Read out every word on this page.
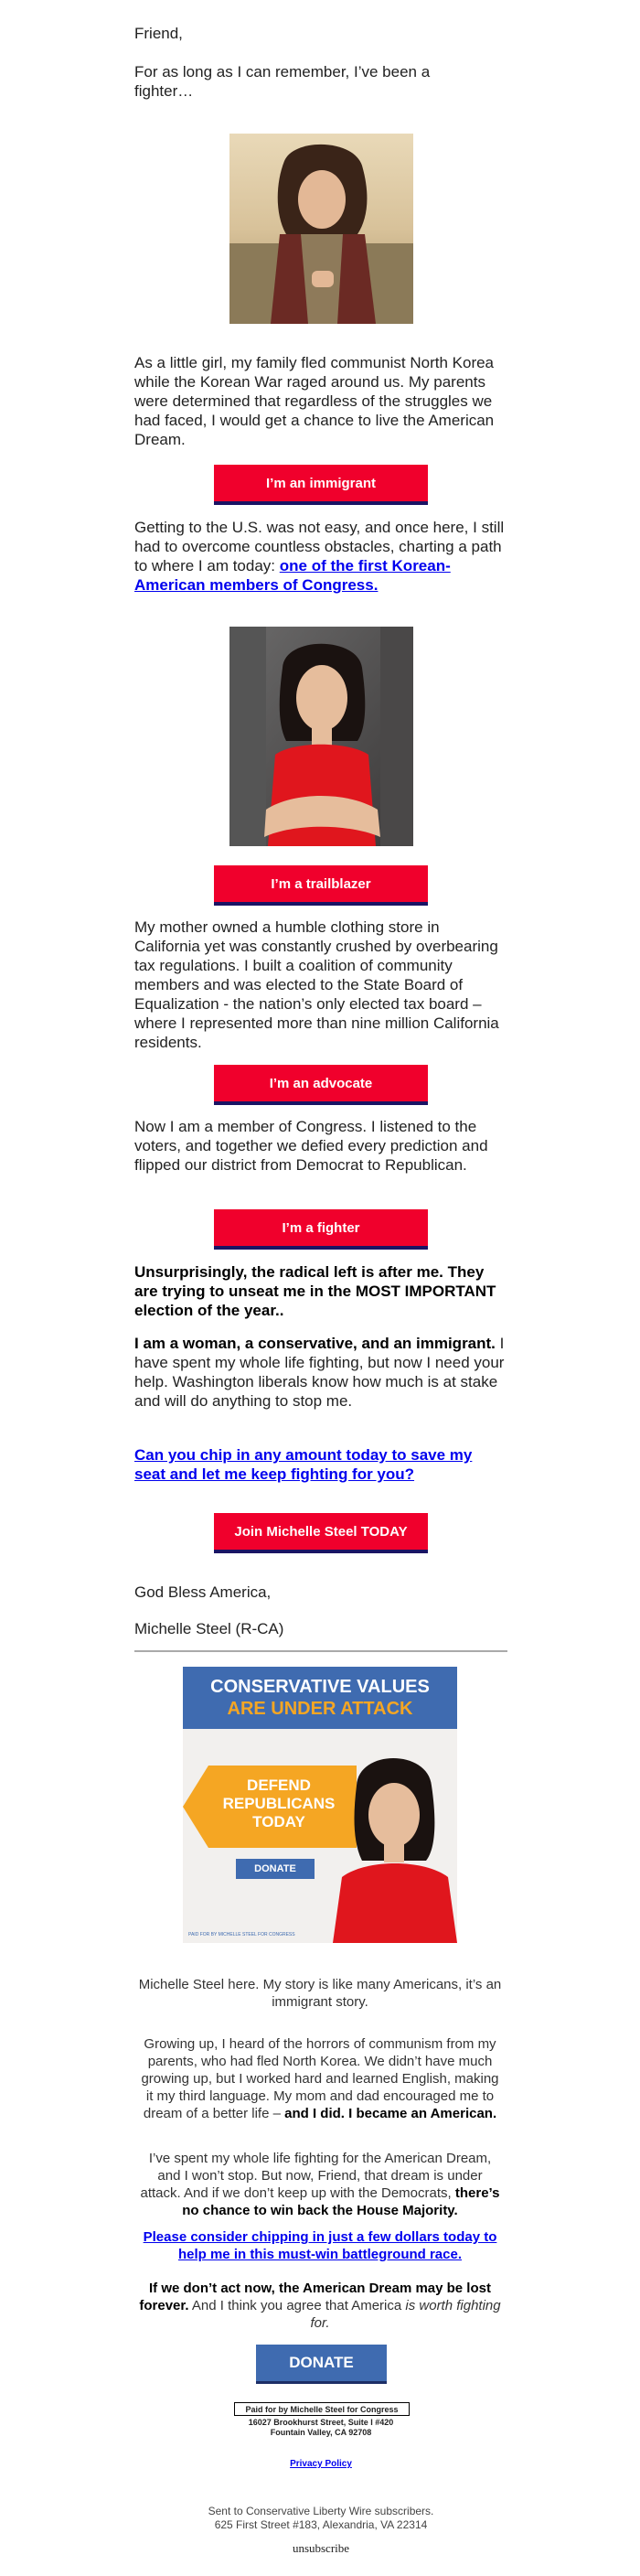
Friend,

For as long as I can remember, I’ve been a fighter…

As a little girl, my family fled communist North Korea while the Korean War raged around us. My parents were determined that regardless of the struggles we had faced, I would get a chance to live the American Dream.

I’m an immigrant

Getting to the U.S. was not easy, and once here, I still had to overcome countless obstacles, charting a path to where I am today: one of the first Korean-American members of Congress.

I’m a trailblazer

My mother owned a humble clothing store in California yet was constantly crushed by overbearing tax regulations. I built a coalition of community members and was elected to the State Board of Equalization - the nation’s only elected tax board – where I represented more than nine million California residents.

I’m an advocate

Now I am a member of Congress. I listened to the voters, and together we defied every prediction and flipped our district from Democrat to Republican.

I’m a fighter

Unsurprisingly, the radical left is after me. They are trying to unseat me in the MOST IMPORTANT election of the year..

I am a woman, a conservative, and an immigrant. I have spent my whole life fighting, but now I need your help. Washington liberals know how much is at stake and will do anything to stop me.

Can you chip in any amount today to save my seat and let me keep fighting for you?

Join Michelle Steel TODAY

God Bless America,

Michelle Steel (R-CA)

CONSERVATIVE VALUES
ARE UNDER ATTACK
DEFEND
REPUBLICANS
TODAY
DONATE
PAID FOR BY MICHELLE STEEL FOR CONGRESS

Michelle Steel here. My story is like many Americans, it’s an immigrant story.

Growing up, I heard of the horrors of communism from my parents, who had fled North Korea. We didn’t have much growing up, but I worked hard and learned English, making it my third language. My mom and dad encouraged me to dream of a better life – and I did. I became an American.

I’ve spent my whole life fighting for the American Dream, and I won’t stop. But now, Friend, that dream is under attack. And if we don’t keep up with the Democrats, there’s no chance to win back the House Majority.

Please consider chipping in just a few dollars today to help me in this must-win battleground race.

If we don’t act now, the American Dream may be lost forever. And I think you agree that America is worth fighting for.

DONATE
Paid for by Michelle Steel for Congress
16027 Brookhurst Street, Suite I #420
Fountain Valley, CA 92708
Privacy Policy
Sent to Conservative Liberty Wire subscribers.
625 First Street #183, Alexandria, VA 22314
unsubscribe
